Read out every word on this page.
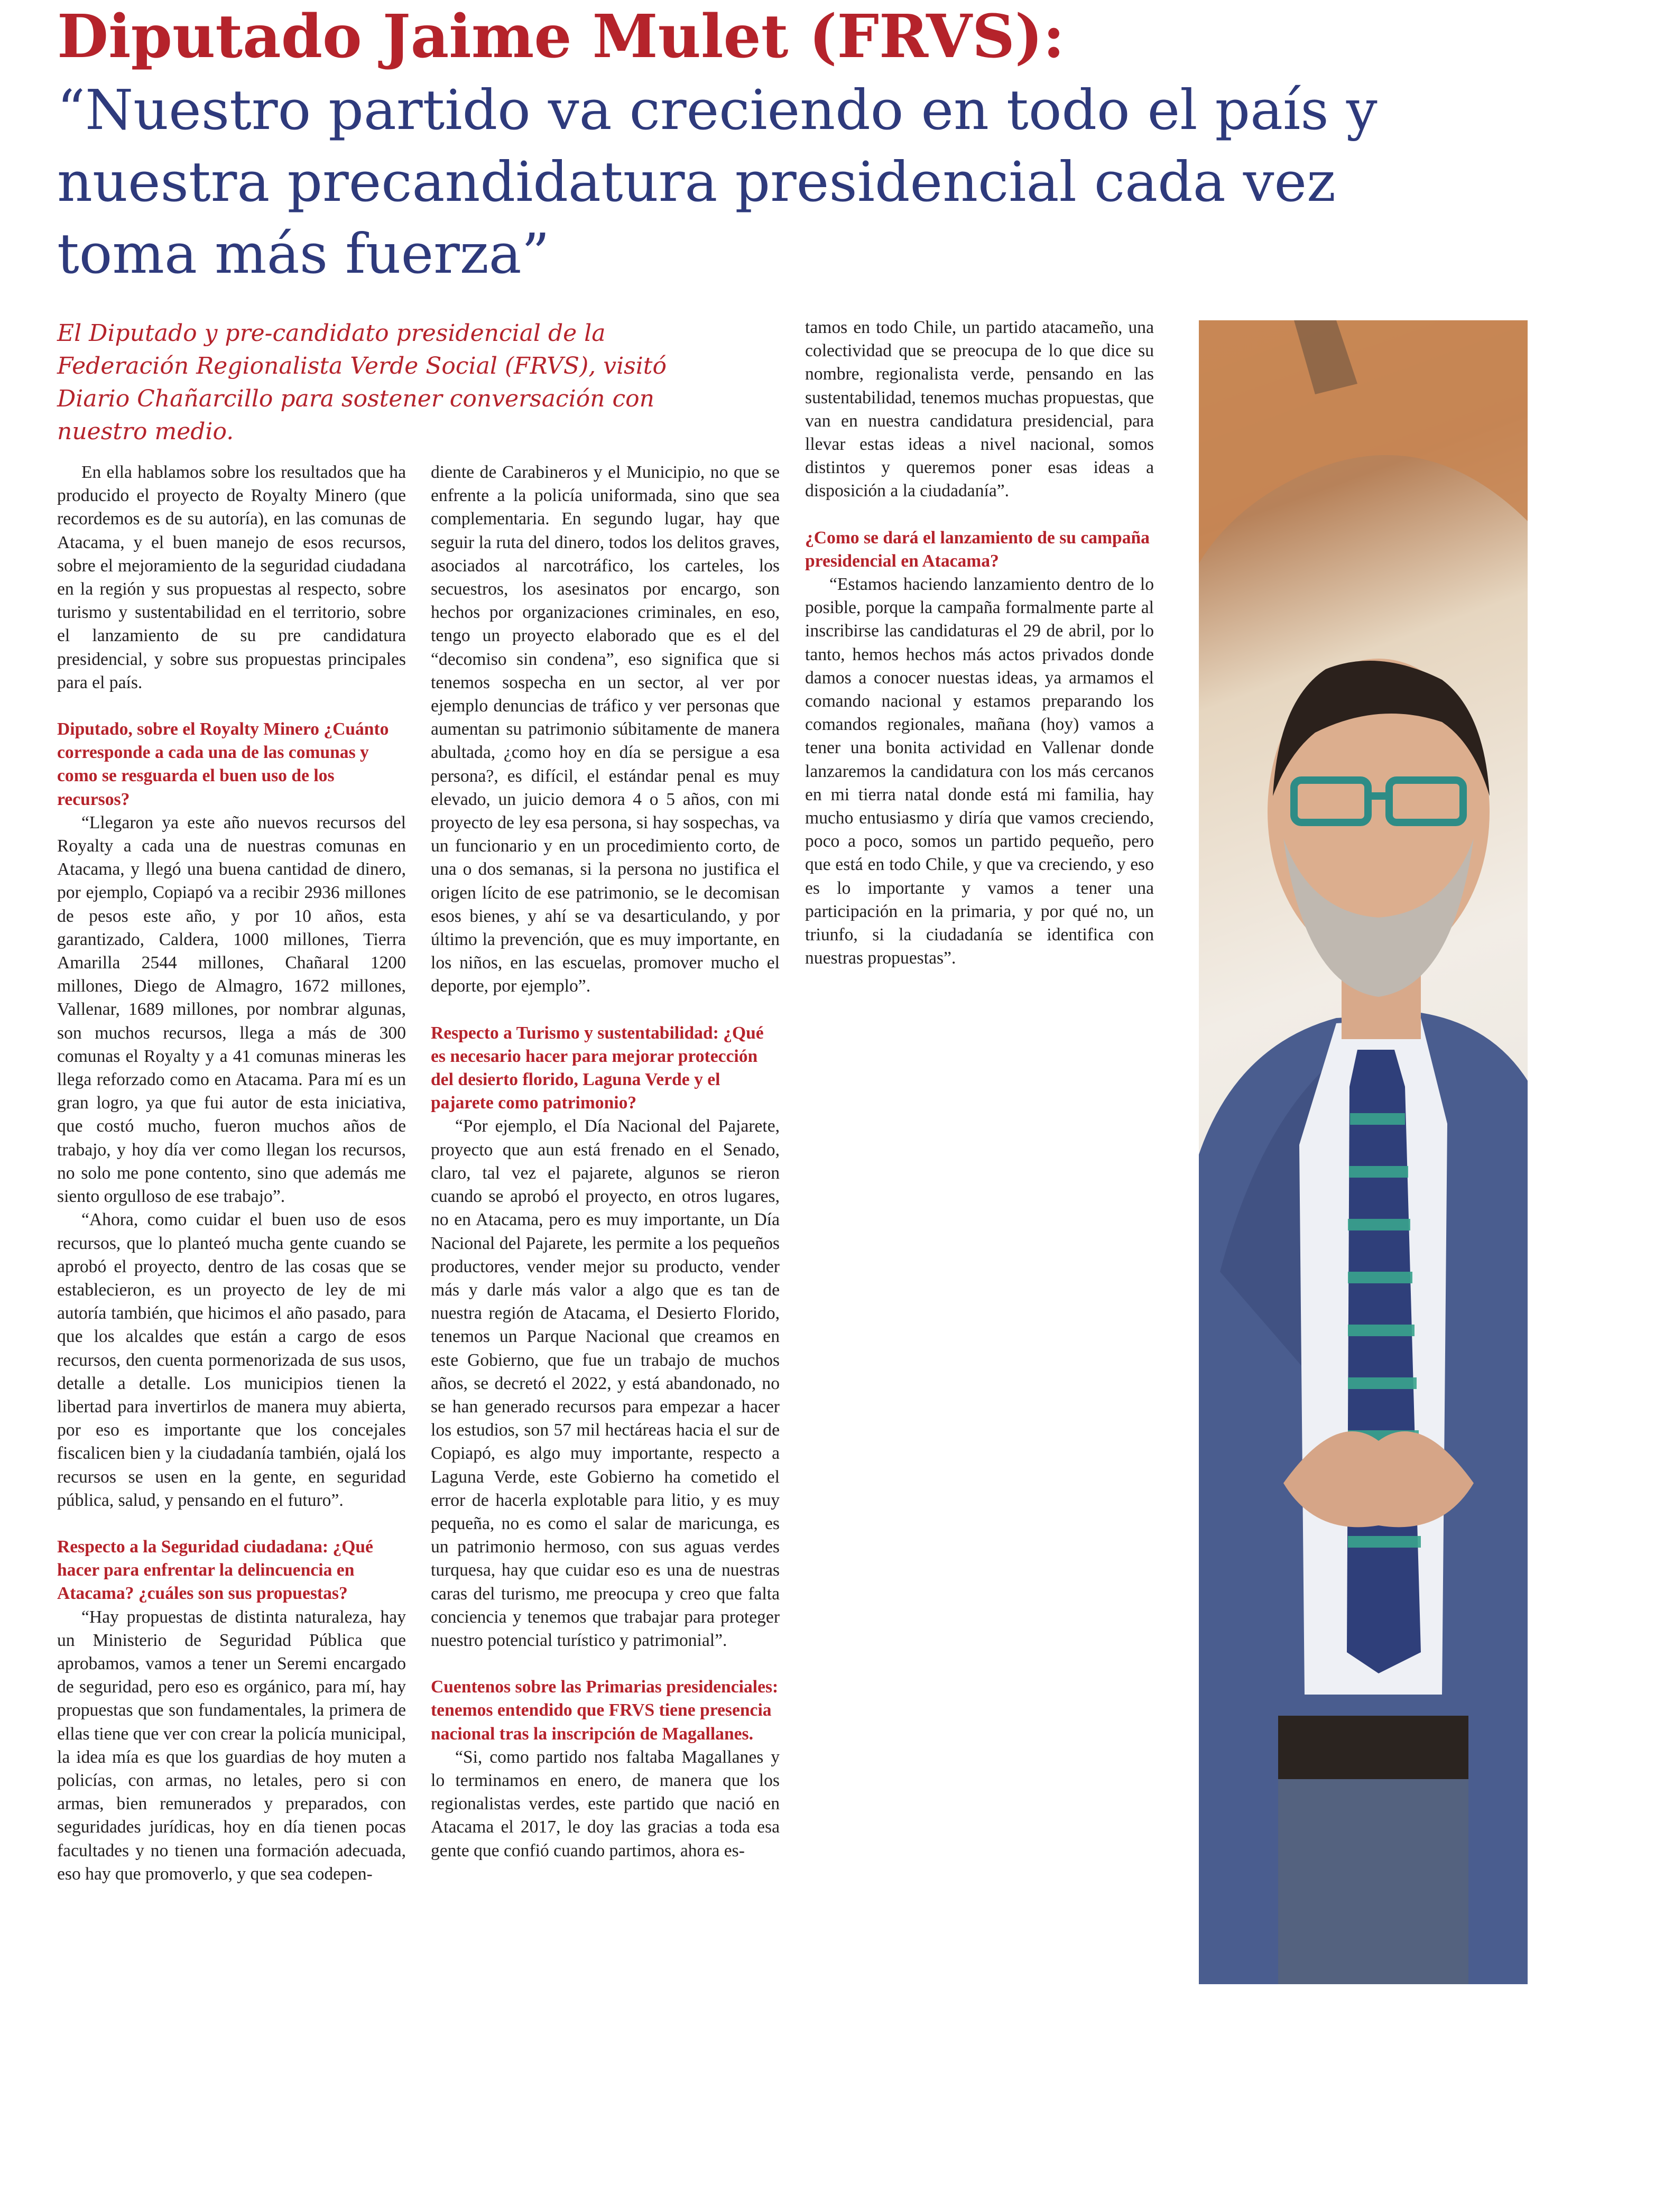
Diputado Jaime Mulet (FRVS):

“Nuestro partido va creciendo en todo el país y

nuestra precandidatura presidencial cada vez

toma más fuerza”

El Diputado y pre-candidato presidencial de la Federación Regionalista Verde Social (FRVS), visitó Diario Chañarcillo para sostener conversación con nuestro medio.

En ella hablamos sobre los resultados que ha producido el proyecto de Royalty Minero (que recordemos es de su autoría), en las comunas de Atacama, y el buen manejo de esos recursos, sobre el mejoramiento de la seguridad ciudadana en la región y sus propuestas al respecto, sobre turismo y sustentabilidad en el territorio, sobre el lanzamiento de su pre candidatura presidencial, y sobre sus propuestas principales para el país.

Diputado, sobre el Royalty Minero ¿Cuánto corresponde a cada una de las comunas y como se resguarda el buen uso de los recursos?

“Llegaron ya este año nuevos recursos del Royalty a cada una de nuestras comunas en Atacama, y llegó una buena cantidad de dinero, por ejemplo, Copiapó va a recibir 2936 millones de pesos este año, y por 10 años, esta garantizado, Caldera, 1000 millones, Tierra Amarilla 2544 millones, Chañaral 1200 millones, Diego de Almagro, 1672 millones, Vallenar, 1689 millones, por nombrar algunas, son muchos recursos, llega a más de 300 comunas el Royalty y a 41 comunas mineras les llega reforzado como en Atacama. Para mí es un gran logro, ya que fui autor de esta iniciativa, que costó mucho, fueron muchos años de trabajo, y hoy día ver como llegan los recursos, no solo me pone contento, sino que además me siento orgulloso de ese trabajo”.

“Ahora, como cuidar el buen uso de esos recursos, que lo planteó mucha gente cuando se aprobó el proyecto, dentro de las cosas que se establecieron, es un proyecto de ley de mi autoría también, que hicimos el año pasado, para que los alcaldes que están a cargo de esos recursos, den cuenta pormenorizada de sus usos, detalle a detalle. Los municipios tienen la libertad para invertirlos de manera muy abierta, por eso es importante que los concejales fiscalicen bien y la ciudadanía también, ojalá los recursos se usen en la gente, en seguridad pública, salud, y pensando en el futuro”.

Respecto a la Seguridad ciudadana: ¿Qué hacer para enfrentar la delincuencia en Atacama? ¿cuáles son sus propuestas?

“Hay propuestas de distinta naturaleza, hay un Ministerio de Seguridad Pública que aprobamos, vamos a tener un Seremi encargado de seguridad, pero eso es orgánico, para mí, hay propuestas que son fundamentales, la primera de ellas tiene que ver con crear la policía municipal, la idea mía es que los guardias de hoy muten a policías, con armas, no letales, pero si con armas, bien remunerados y preparados, con seguridades jurídicas, hoy en día tienen pocas facultades y no tienen una formación adecuada, eso hay que promoverlo, y que sea codepen-

diente de Carabineros y el Municipio, no que se enfrente a la policía uniformada, sino que sea complementaria. En segundo lugar, hay que seguir la ruta del dinero, todos los delitos graves, asociados al narcotráfico, los carteles, los secuestros, los asesinatos por encargo, son hechos por organizaciones criminales, en eso, tengo un proyecto elaborado que es el del “decomiso sin condena”, eso significa que si tenemos sospecha en un sector, al ver por ejemplo denuncias de tráfico y ver personas que aumentan su patrimonio súbitamente de manera abultada, ¿como hoy en día se persigue a esa persona?, es difícil, el estándar penal es muy elevado, un juicio demora 4 o 5 años, con mi proyecto de ley esa persona, si hay sospechas, va un funcionario y en un procedimiento corto, de una o dos semanas, si la persona no justifica el origen lícito de ese patrimonio, se le decomisan esos bienes, y ahí se va desarticulando, y por último la prevención, que es muy importante, en los niños, en las escuelas, promover mucho el deporte, por ejemplo”.

Respecto a Turismo y sustentabilidad: ¿Qué es necesario hacer para mejorar protección del desierto florido, Laguna Verde y el pajarete como patrimonio?

“Por ejemplo, el Día Nacional del Pajarete, proyecto que aun está frenado en el Senado, claro, tal vez el pajarete, algunos se rieron cuando se aprobó el proyecto, en otros lugares, no en Atacama, pero es muy importante, un Día Nacional del Pajarete, les permite a los pequeños productores, vender mejor su producto, vender más y darle más valor a algo que es tan de nuestra región de Atacama, el Desierto Florido, tenemos un Parque Nacional que creamos en este Gobierno, que fue un trabajo de muchos años, se decretó el 2022, y está abandonado, no se han generado recursos para empezar a hacer los estudios, son 57 mil hectáreas hacia el sur de Copiapó, es algo muy importante, respecto a Laguna Verde, este Gobierno ha cometido el error de hacerla explotable para litio, y es muy pequeña, no es como el salar de maricunga, es un patrimonio hermoso, con sus aguas verdes turquesa, hay que cuidar eso es una de nuestras caras del turismo, me preocupa y creo que falta conciencia y tenemos que trabajar para proteger nuestro potencial turístico y patrimonial”.

Cuentenos sobre las Primarias presidenciales: tenemos entendido que FRVS tiene presencia nacional tras la inscripción de Magallanes.

“Si, como partido nos faltaba Magallanes y lo terminamos en enero, de manera que los regionalistas verdes, este partido que nació en Atacama el 2017, le doy las gracias a toda esa gente que confió cuando partimos, ahora es-

tamos en todo Chile, un partido atacameño, una colectividad que se preocupa de lo que dice su nombre, regionalista verde, pensando en las sustentabilidad, tenemos muchas propuestas, que van en nuestra candidatura presidencial, para llevar estas ideas a nivel nacional, somos distintos y queremos poner esas ideas a disposición a la ciudadanía”.

¿Como se dará el lanzamiento de su campaña presidencial en Atacama?

“Estamos haciendo lanzamiento dentro de lo posible, porque la campaña formalmente parte al inscribirse las candidaturas el 29 de abril, por lo tanto, hemos hechos más actos privados donde damos a conocer nuestas ideas, ya armamos el comando nacional y estamos preparando los comandos regionales, mañana (hoy) vamos a tener una bonita actividad en Vallenar donde lanzaremos la candidatura con los más cercanos en mi tierra natal donde está mi familia, hay mucho entusiasmo y diría que vamos creciendo, poco a poco, somos un partido pequeño, pero que está en todo Chile, y que va creciendo, y eso es lo importante y vamos a tener una participación en la primaria, y por qué no, un triunfo, si la ciudadanía se identifica con nuestras propuestas”.
